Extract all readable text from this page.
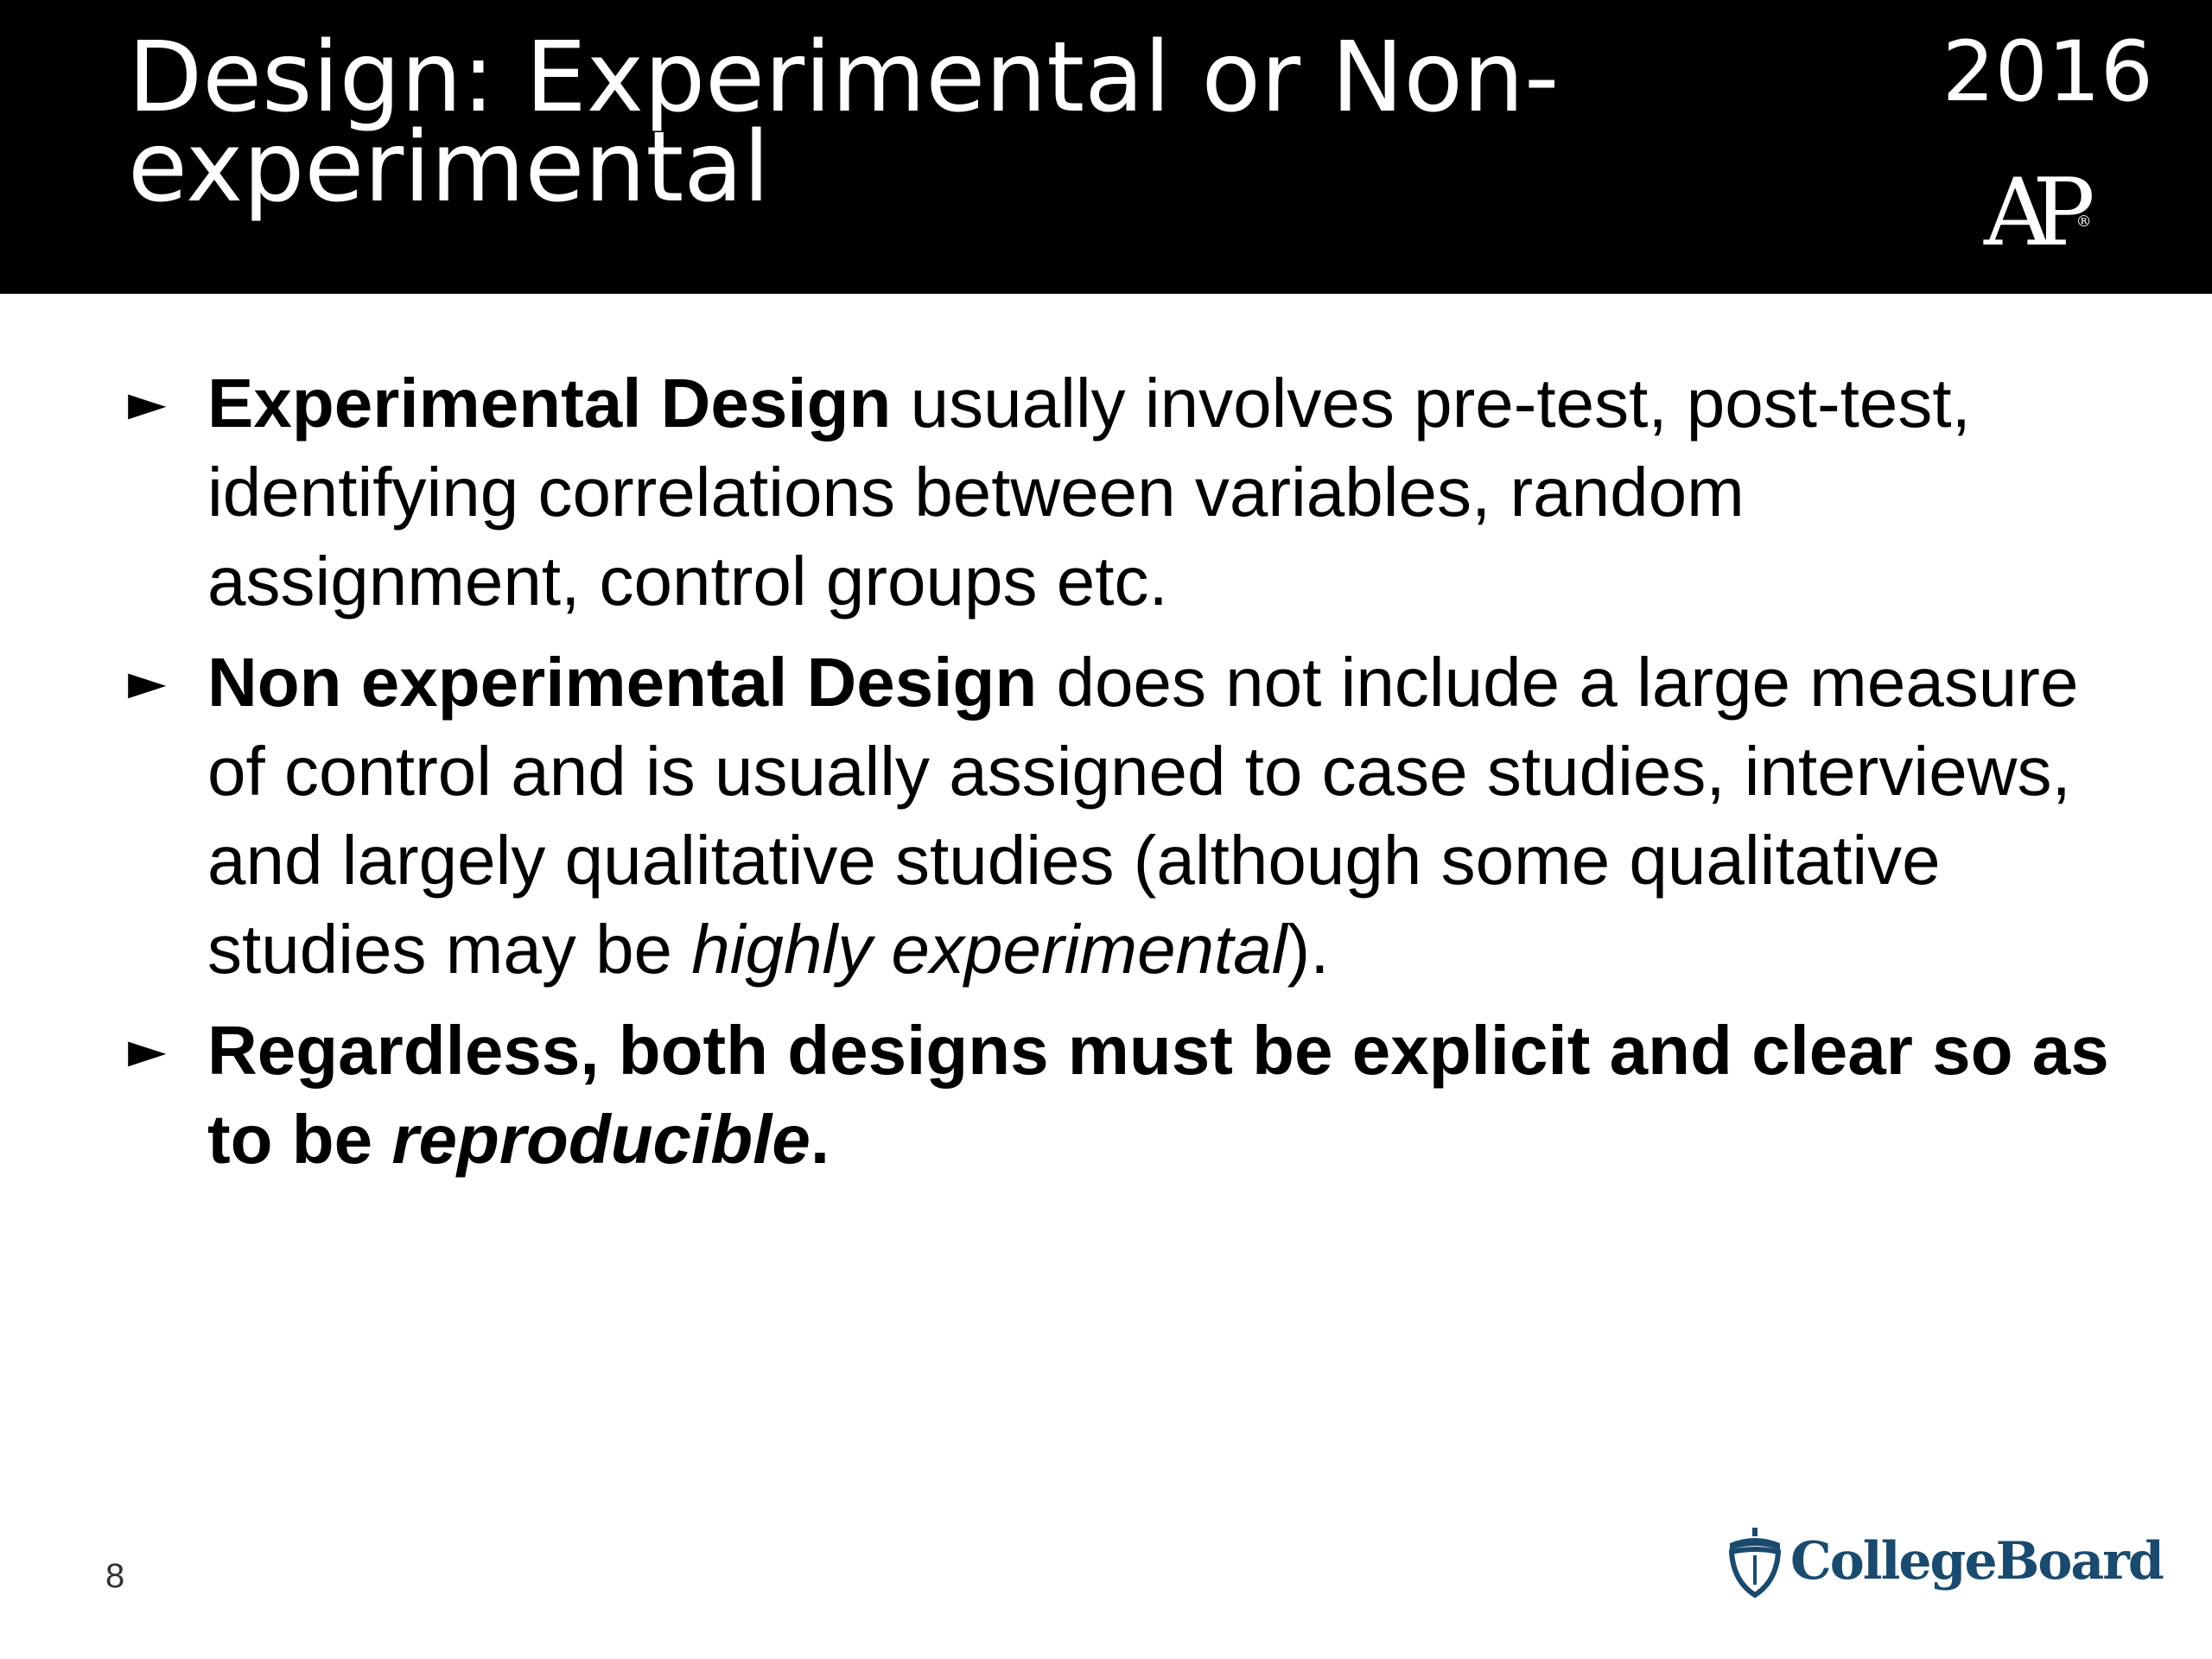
Design: Experimental or Non-experimental
2016
AP®

► Experimental Design usually involves pre-test, post-test, identifying correlations between variables, random assignment, control groups etc.

► Non experimental Design does not include a large measure of control and is usually assigned to case studies, interviews, and largely qualitative studies (although some qualitative studies may be highly experimental).

► Regardless, both designs must be explicit and clear so as to be reproducible.

8	CollegeBoard
